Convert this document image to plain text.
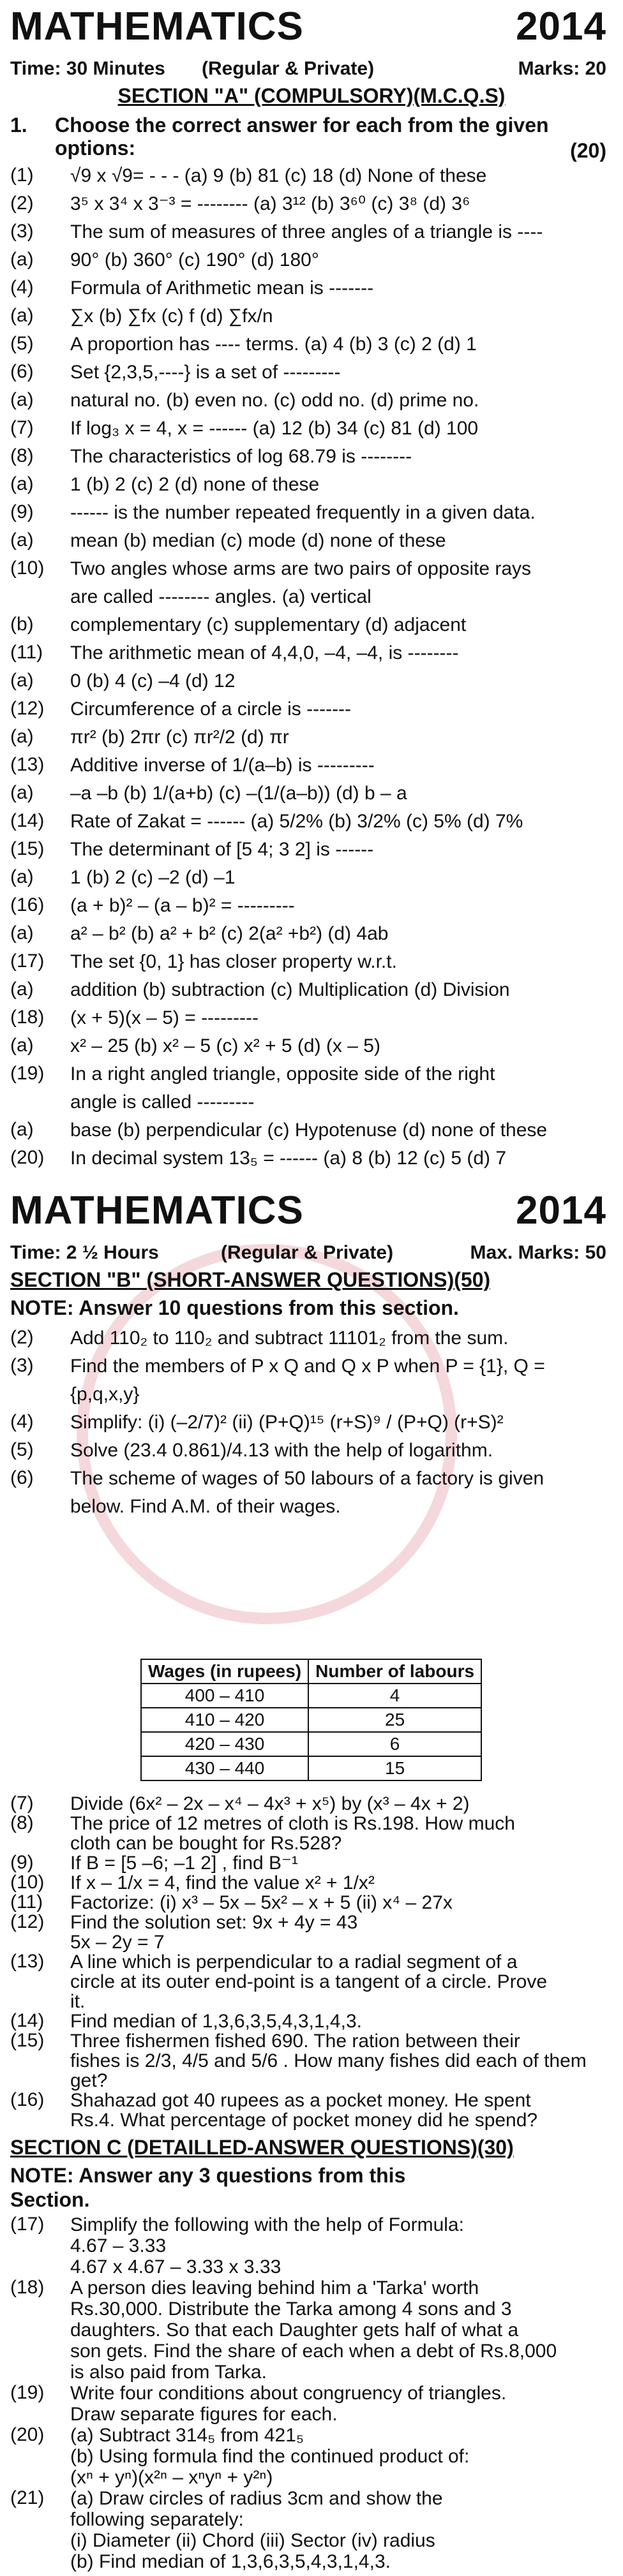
MATHEMATICS	2014
Time: 30 Minutes (Regular & Private)	Marks: 20
SECTION "A" (COMPULSORY)(M.C.Q.S)
1. Choose the correct answer for each from the given options:	(20)
(1)	√9 x √9= - - - (a) 9 (b) 81 (c) 18 (d) None of these
(2)	3⁵ x 3⁴ x 3⁻³ = -------- (a) 3¹² (b) 3⁶⁰ (c) 3⁸ (d) 3⁶
(3)	The sum of measures of three angles of a triangle is ----
(a)	90° (b) 360° (c) 190° (d) 180°
(4)	Formula of Arithmetic mean is -------
(a)	∑x (b) ∑fx (c) f (d) ∑fx/n
(5)	A proportion has ---- terms. (a) 4 (b) 3 (c) 2 (d) 1
(6)	Set {2,3,5,----} is a set of ---------
(a)	natural no. (b) even no. (c) odd no. (d) prime no.
(7)	If log₃ x = 4, x = ------ (a) 12 (b) 34 (c) 81 (d) 100
(8)	The characteristics of log 68.79 is --------
(a)	1 (b) 2 (c) 2 (d) none of these
(9)	------ is the number repeated frequently in a given data.
(a)	mean (b) median (c) mode (d) none of these
(10)	Two angles whose arms are two pairs of opposite rays
are called -------- angles. (a) vertical
(b)	complementary (c) supplementary (d) adjacent
(11)	The arithmetic mean of 4,4,0, –4, –4, is --------
(a)	0 (b) 4 (c) –4 (d) 12
(12)	Circumference of a circle is -------
(a)	πr² (b) 2πr (c) πr²/2 (d) πr
(13)	Additive inverse of 1/(a–b) is ---------
(a)	–a –b (b) 1/(a+b) (c) –(1/(a–b)) (d) b – a
(14)	Rate of Zakat = ------ (a) 5/2% (b) 3/2% (c) 5% (d) 7%
(15)	The determinant of [5 4; 3 2] is ------
(a)	1 (b) 2 (c) –2 (d) –1
(16)	(a + b)² – (a – b)² = ---------
(a)	a² – b² (b) a² + b² (c) 2(a² +b²) (d) 4ab
(17)	The set {0, 1} has closer property w.r.t.
(a)	addition (b) subtraction (c) Multiplication (d) Division
(18)	(x + 5)(x – 5) = ---------
(a)	x² – 25 (b) x² – 5 (c) x² + 5 (d) (x – 5)
(19)	In a right angled triangle, opposite side of the right
angle is called ---------
(a)	base (b) perpendicular (c) Hypotenuse (d) none of these
(20)	In decimal system 13₅ = ------ (a) 8 (b) 12 (c) 5 (d) 7
MATHEMATICS	2014
Time: 2 ½ Hours	(Regular & Private)	Max. Marks: 50
SECTION "B" (SHORT-ANSWER QUESTIONS)(50)
NOTE: Answer 10 questions from this section.
(2)	Add 110₂ to 110₂ and subtract 11101₂ from the sum.
(3)	Find the members of P x Q and Q x P when P = {1}, Q =
{p,q,x,y}
(4)	Simplify: (i) (–2/7)² (ii) (P+Q)¹⁵ (r+S)⁹ / (P+Q) (r+S)²
(5)	Solve (23.4 0.861)/4.13 with the help of logarithm.
(6)	The scheme of wages of 50 labours of a factory is given
below. Find A.M. of their wages.
Wages (in rupees)	Number of labours
400 – 410	4
410 – 420	25
420 – 430	6
430 – 440	15
(7)	Divide (6x² – 2x – x⁴ – 4x³ + x⁵) by (x³ – 4x + 2)
(8)	The price of 12 metres of cloth is Rs.198. How much
cloth can be bought for Rs.528?
(9)	If B = [5 –6; –1 2] , find B⁻¹
(10)	If x – 1/x = 4, find the value x² + 1/x²
(11)	Factorize: (i) x³ – 5x – 5x² – x + 5 (ii) x⁴ – 27x
(12)	Find the solution set: 9x + 4y = 43
5x – 2y = 7
(13)	A line which is perpendicular to a radial segment of a
circle at its outer end-point is a tangent of a circle. Prove
it.
(14)	Find median of 1,3,6,3,5,4,3,1,4,3.
(15)	Three fishermen fished 690. The ration between their
fishes is 2/3, 4/5 and 5/6 . How many fishes did each of them
get?
(16)	Shahazad got 40 rupees as a pocket money. He spent
Rs.4. What percentage of pocket money did he spend?
SECTION C (DETAILLED-ANSWER QUESTIONS)(30)
NOTE: Answer any 3 questions from this
Section.
(17)	Simplify the following with the help of Formula:
4.67 – 3.33
4.67 x 4.67 – 3.33 x 3.33
(18)	A person dies leaving behind him a 'Tarka' worth
Rs.30,000. Distribute the Tarka among 4 sons and 3
daughters. So that each Daughter gets half of what a
son gets. Find the share of each when a debt of Rs.8,000
is also paid from Tarka.
(19)	Write four conditions about congruency of triangles.
Draw separate figures for each.
(20)	(a) Subtract 314₅ from 421₅
(b) Using formula find the continued product of:
(xⁿ + yⁿ)(x²ⁿ – xⁿyⁿ + y²ⁿ)
(21)	(a) Draw circles of radius 3cm and show the
following separately:
(i) Diameter (ii) Chord (iii) Sector (iv) radius
(b) Find median of 1,3,6,3,5,4,3,1,4,3.
